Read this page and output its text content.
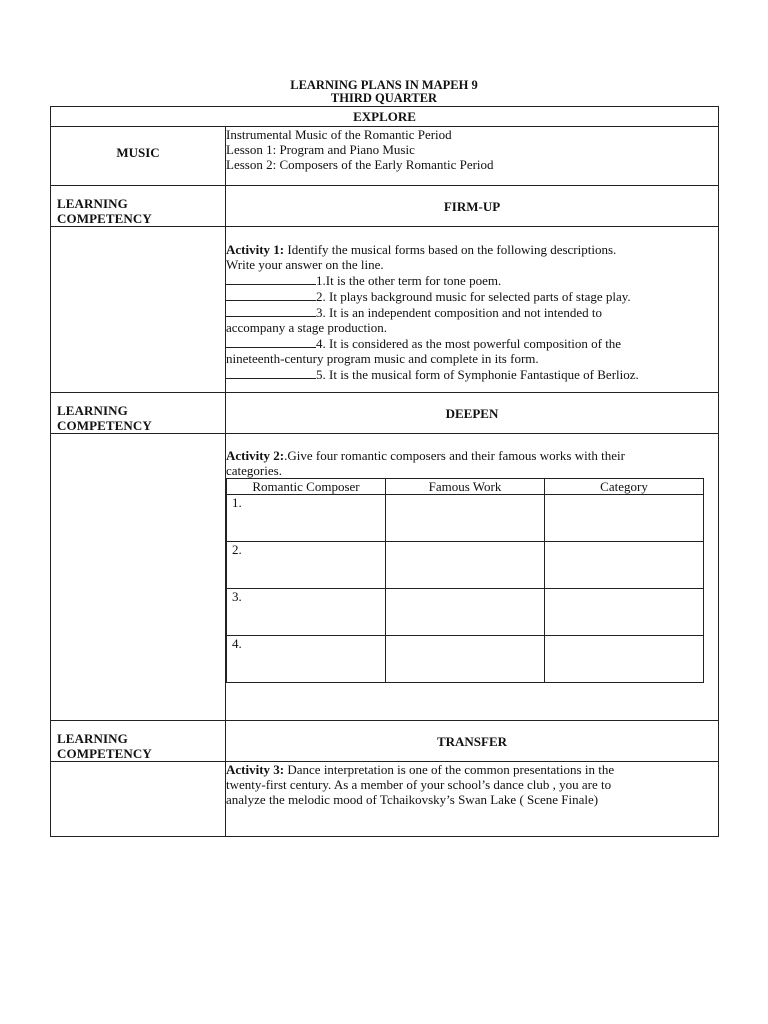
LEARNING PLANS IN MAPEH 9
THIRD QUARTER
EXPLORE
MUSIC	
Instrumental Music of the Romantic Period
Lesson 1: Program and Piano Music
Lesson 2: Composers of the Early Romantic Period

LEARNING COMPETENCY	FIRM-UP

Activity 1: Identify the musical forms based on the following descriptions.
Write your answer on the line.
1.It is the other term for tone poem.
2. It plays background music for selected parts of stage play.
3. It is an independent composition and not intended to
accompany a stage production.
4. It is considered as the most powerful composition of the
nineteenth-century program music and complete in its form.
5. It is the musical form of Symphonie Fantastique of Berlioz.

LEARNING COMPETENCY	DEEPEN

Activity 2:.Give four romantic composers and their famous works with their
categories.
Romantic Composer	Famous Work	Category
1.		
2.		
3.		
4.		

LEARNING COMPETENCY	TRANSFER

Activity 3: Dance interpretation is one of the common presentations in the
twenty-first century. As a member of your school’s dance club , you are to
analyze the melodic mood of Tchaikovsky’s Swan Lake ( Scene Finale)
